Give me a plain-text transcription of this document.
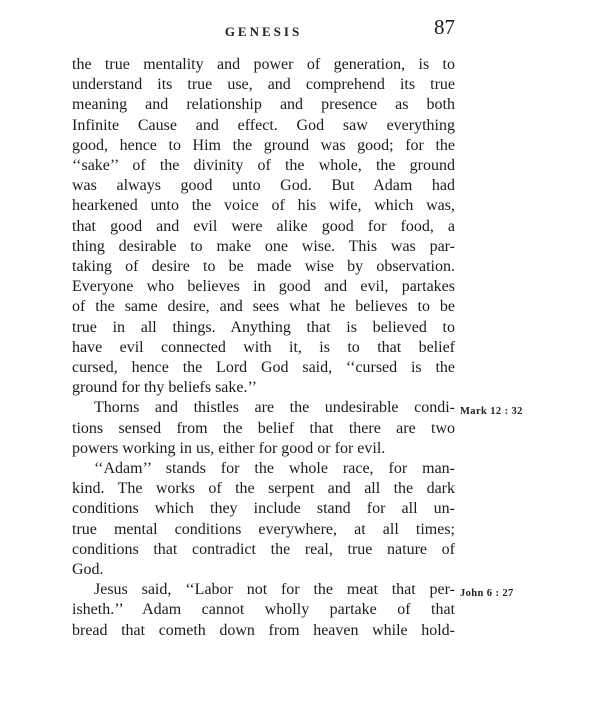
GENESIS	87
the true mentality and power of generation, is to
understand its true use, and comprehend its true
meaning and relationship and presence as both
Infinite Cause and effect. God saw everything
good, hence to Him the ground was good; for the
‘‘sake’’ of the divinity of the whole, the ground
was always good unto God. But Adam had
hearkened unto the voice of his wife, which was,
that good and evil were alike good for food, a
thing desirable to make one wise. This was par-
taking of desire to be made wise by observation.
Everyone who believes in good and evil, partakes
of the same desire, and sees what he believes to be
true in all things. Anything that is believed to
have evil connected with it, is to that belief
cursed, hence the Lord God said, ‘‘cursed is the
ground for thy beliefs sake.’’
Mark 12 : 32
Thorns and thistles are the undesirable condi-
tions sensed from the belief that there are two
powers working in us, either for good or for evil.
‘‘Adam’’ stands for the whole race, for man-
kind. The works of the serpent and all the dark
conditions which they include stand for all un-
true mental conditions everywhere, at all times;
conditions that contradict the real, true nature of
God.
John 6 : 27
Jesus said, ‘‘Labor not for the meat that per-
isheth.’’ Adam cannot wholly partake of that
bread that cometh down from heaven while hold-
